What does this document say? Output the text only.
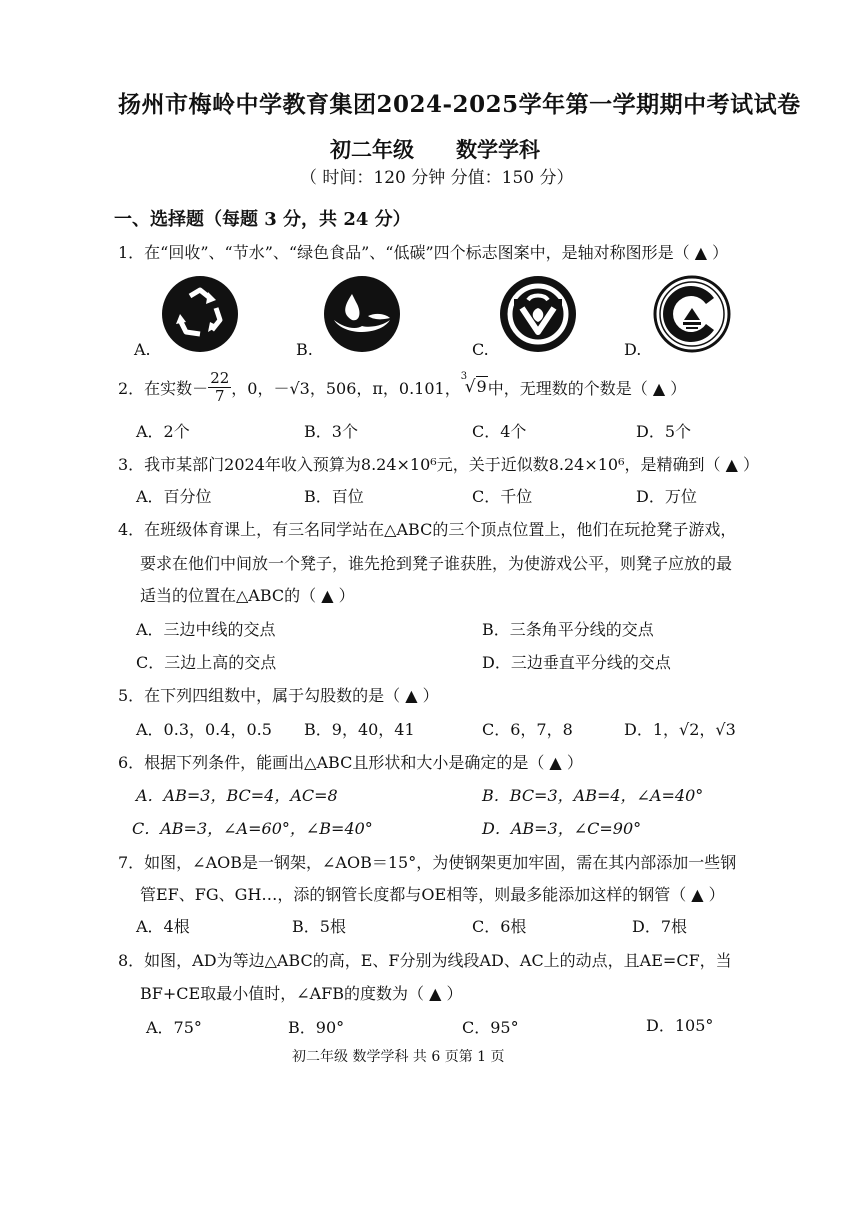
扬州市梅岭中学教育集团2024-2025学年第一学期期中考试试卷
初二年级 数学学科
（ 时间：120 分钟 分值：150 分）
一、选择题（每题 3 分，共 24 分）
1．在“回收”、“节水”、“绿色食品”、“低碳”四个标志图案中，是轴对称图形是（ ▲ ）
A.	B.	C.	D.
2．在实数－ $\frac{22}{7}$ ，0，－√3，506，π，0.101，
3
√9 中，无理数的个数是（ ▲ ）
A．2个	B．3个	C．4个	D．5个
3．我市某部门2024年收入预算为8.24×10⁶元，关于近似数8.24×10⁶，是精确到（ ▲ ）
A．百分位	B．百位	C．千位	D．万位
4．在班级体育课上，有三名同学站在△ABC的三个顶点位置上，他们在玩抢凳子游戏，
要求在他们中间放一个凳子，谁先抢到凳子谁获胜，为使游戏公平，则凳子应放的最
适当的位置在△ABC的（ ▲ ）
A．三边中线的交点	B．三条角平分线的交点
C．三边上高的交点	D．三边垂直平分线的交点
5．在下列四组数中，属于勾股数的是（ ▲ ）
A．0.3，0.4，0.5 B．9，40，41	C．6，7，8	D．1，√2，√3
6．根据下列条件，能画出△ABC且形状和大小是确定的是（ ▲ ）
A．AB=3，BC=4，AC=8	B．BC=3，AB=4，∠A=40°
C．AB=3，∠A=60°，∠B=40°	D．AB=3，∠C=90°
7．如图，∠AOB是一钢架，∠AOB＝15°，为使钢架更加牢固，需在其内部添加一些钢
管EF、FG、GH…，添的钢管长度都与OE相等，则最多能添加这样的钢管（ ▲ ）
A．4根	B．5根	C．6根	D．7根
8．如图，AD为等边△ABC的高，E、F分别为线段AD、AC上的动点，且AE=CF，当
BF+CE取最小值时，∠AFB的度数为（ ▲ ）
A．75°	B．90°	C．95°	D．105°
初二年级 数学学科 共 6 页第 1 页
